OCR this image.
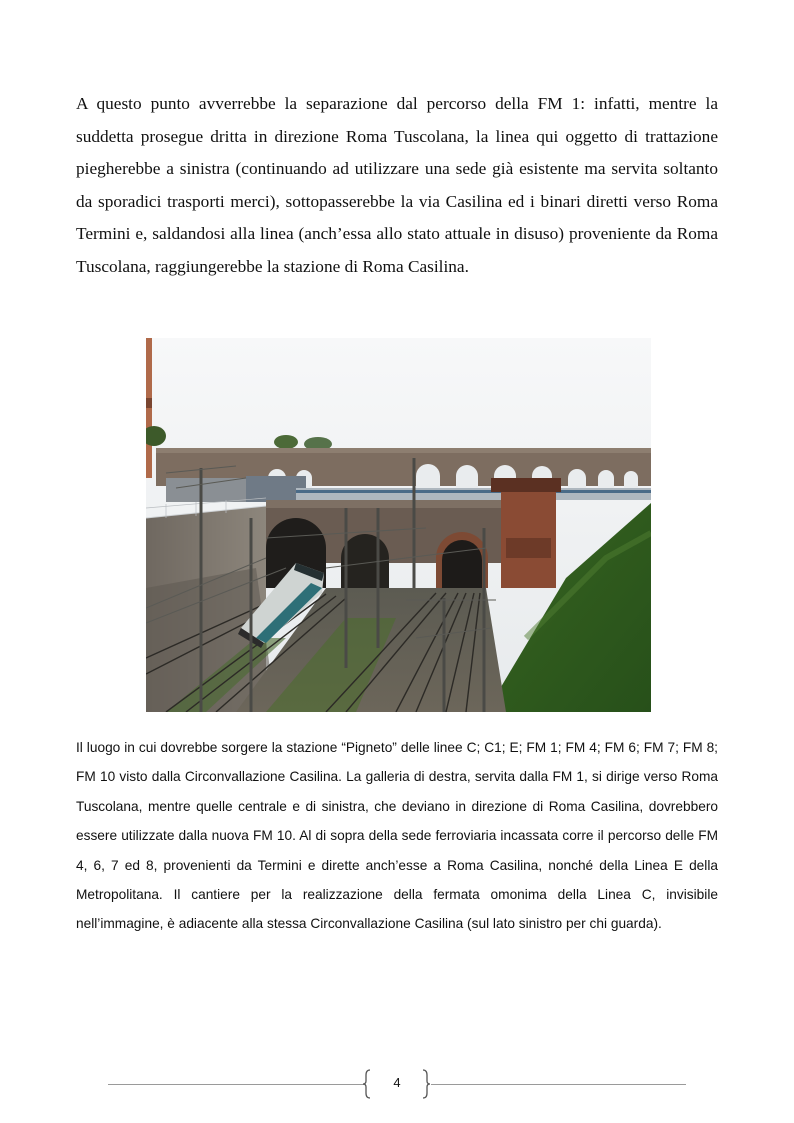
A questo punto avverrebbe la separazione dal percorso della FM 1: infatti, mentre la suddetta prosegue dritta in direzione Roma Tuscolana, la linea qui oggetto di trattazione piegherebbe a sinistra (continuando ad utilizzare una sede già esistente ma servita soltanto da sporadici trasporti merci), sottopasserebbe la via Casilina ed i binari diretti verso Roma Termini e, saldandosi alla linea (anch’essa allo stato attuale in disuso) proveniente da Roma Tuscolana, raggiungerebbe la stazione di Roma Casilina.

Il luogo in cui dovrebbe sorgere la stazione “Pigneto” delle linee C; C1; E; FM 1; FM 4; FM 6; FM 7; FM 8; FM 10 visto dalla Circonvallazione Casilina. La galleria di destra, servita dalla FM 1, si dirige verso Roma Tuscolana, mentre quelle centrale e di sinistra, che deviano in direzione di Roma Casilina, dovrebbero essere utilizzate dalla nuova FM 10. Al di sopra della sede ferroviaria incassata corre il percorso delle FM 4, 6, 7 ed 8, provenienti da Termini e dirette anch’esse a Roma Casilina, nonché della Linea E della Metropolitana. Il cantiere per la realizzazione della fermata omonima della Linea C, invisibile nell’immagine, è adiacente alla stessa Circonvallazione Casilina (sul lato sinistro per chi guarda).

4
